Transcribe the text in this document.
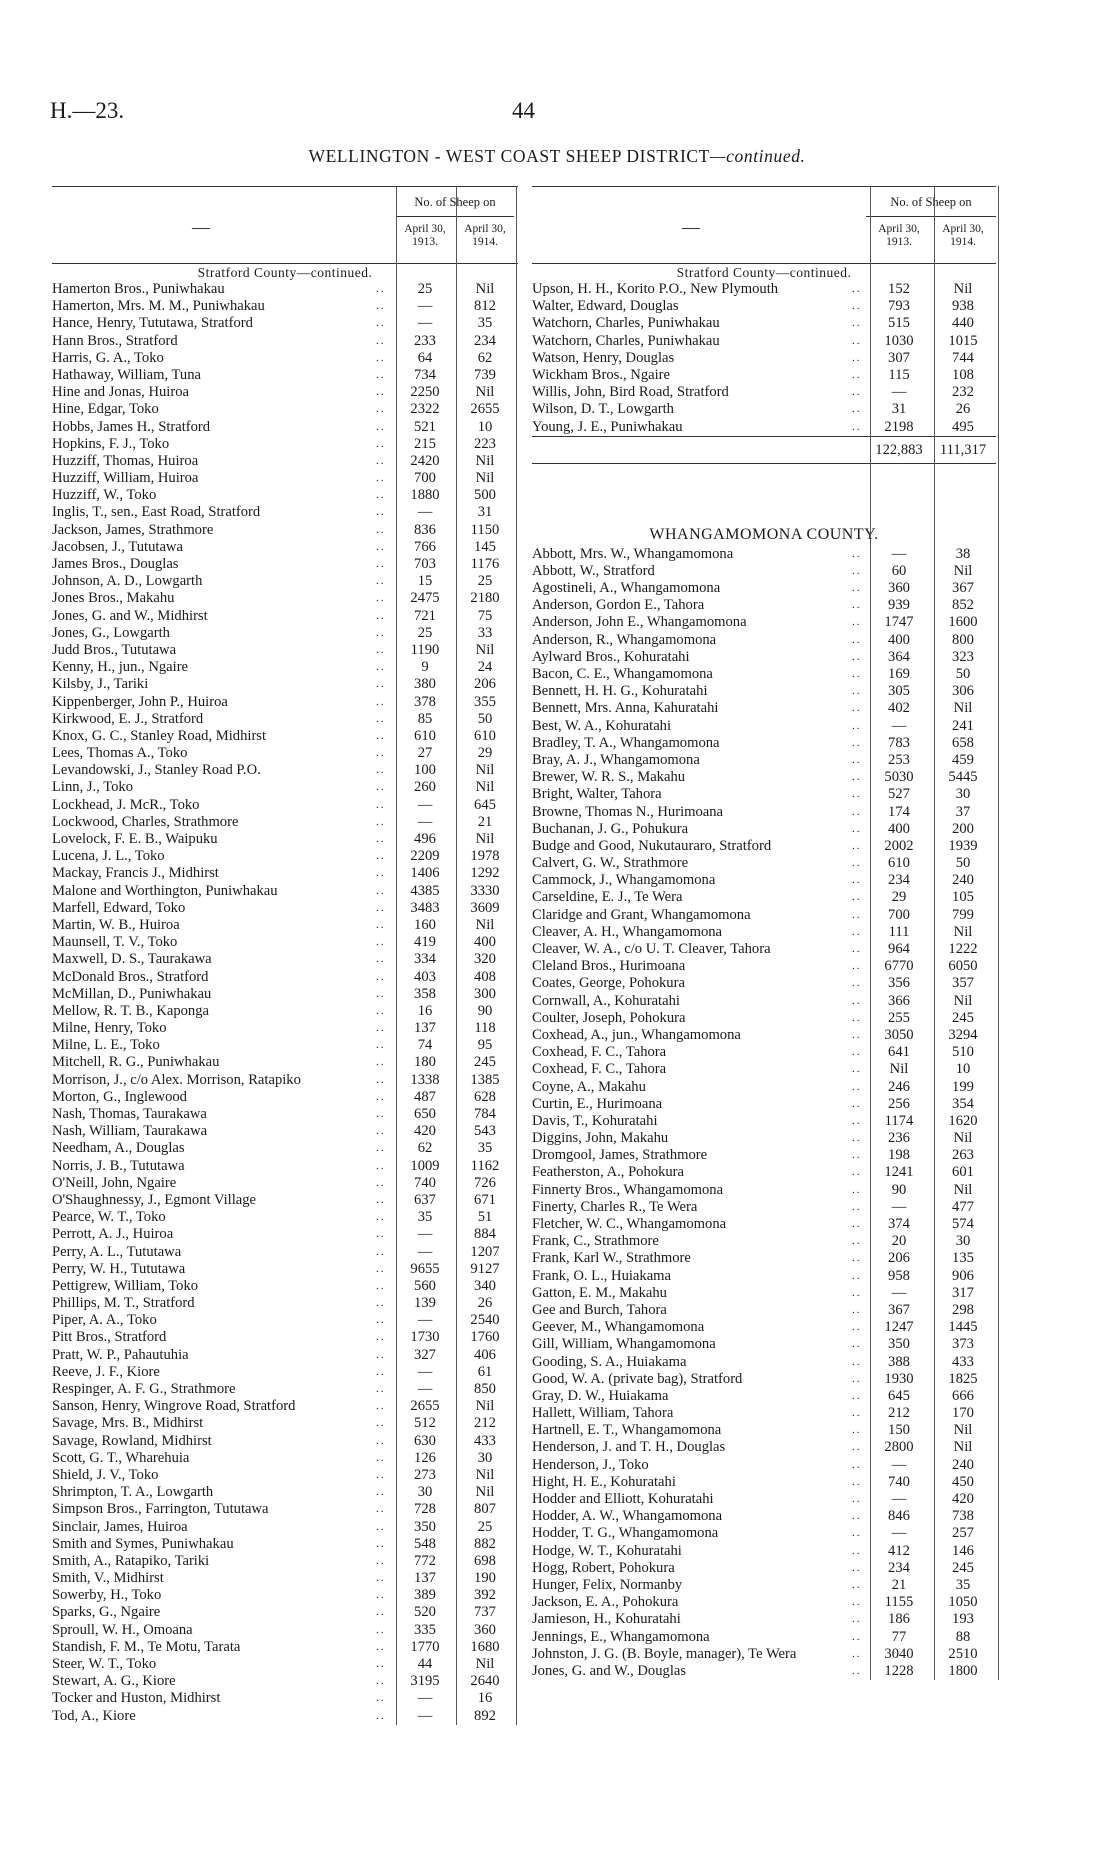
H.—23.	44
WELLINGTON - WEST COAST SHEEP DISTRICT—continued.
—
No. of Sheep on
April 30, 1913.
April 30, 1914.
Stratford County—continued.
Hamerton Bros., Puniwhakau	..	25	Nil
Hamerton, Mrs. M. M., Puniwhakau	..	—	812
Hance, Henry, Tututawa, Stratford	..	—	35
Hann Bros., Stratford	..	233	234
Harris, G. A., Toko	..	64	62
Hathaway, William, Tuna	..	734	739
Hine and Jonas, Huiroa	..	2250	Nil
Hine, Edgar, Toko	..	2322	2655
Hobbs, James H., Stratford	..	521	10
Hopkins, F. J., Toko	..	215	223
Huzziff, Thomas, Huiroa	..	2420	Nil
Huzziff, William, Huiroa	..	700	Nil
Huzziff, W., Toko	..	1880	500
Inglis, T., sen., East Road, Stratford	..	—	31
Jackson, James, Strathmore	..	836	1150
Jacobsen, J., Tututawa	..	766	145
James Bros., Douglas	..	703	1176
Johnson, A. D., Lowgarth	..	15	25
Jones Bros., Makahu	..	2475	2180
Jones, G. and W., Midhirst	..	721	75
Jones, G., Lowgarth	..	25	33
Judd Bros., Tututawa	..	1190	Nil
Kenny, H., jun., Ngaire	..	9	24
Kilsby, J., Tariki	..	380	206
Kippenberger, John P., Huiroa	..	378	355
Kirkwood, E. J., Stratford	..	85	50
Knox, G. C., Stanley Road, Midhirst	..	610	610
Lees, Thomas A., Toko	..	27	29
Levandowski, J., Stanley Road P.O.	..	100	Nil
Linn, J., Toko	..	260	Nil
Lockhead, J. McR., Toko	..	—	645
Lockwood, Charles, Strathmore	..	—	21
Lovelock, F. E. B., Waipuku	..	496	Nil
Lucena, J. L., Toko	..	2209	1978
Mackay, Francis J., Midhirst	..	1406	1292
Malone and Worthington, Puniwhakau	..	4385	3330
Marfell, Edward, Toko	..	3483	3609
Martin, W. B., Huiroa	..	160	Nil
Maunsell, T. V., Toko	..	419	400
Maxwell, D. S., Taurakawa	..	334	320
McDonald Bros., Stratford	..	403	408
McMillan, D., Puniwhakau	..	358	300
Mellow, R. T. B., Kaponga	..	16	90
Milne, Henry, Toko	..	137	118
Milne, L. E., Toko	..	74	95
Mitchell, R. G., Puniwhakau	..	180	245
Morrison, J., c/o Alex. Morrison, Ratapiko	..	1338	1385
Morton, G., Inglewood	..	487	628
Nash, Thomas, Taurakawa	..	650	784
Nash, William, Taurakawa	..	420	543
Needham, A., Douglas	..	62	35
Norris, J. B., Tututawa	..	1009	1162
O'Neill, John, Ngaire	..	740	726
O'Shaughnessy, J., Egmont Village	..	637	671
Pearce, W. T., Toko	..	35	51
Perrott, A. J., Huiroa	..	—	884
Perry, A. L., Tututawa	..	—	1207
Perry, W. H., Tututawa	..	9655	9127
Pettigrew, William, Toko	..	560	340
Phillips, M. T., Stratford	..	139	26
Piper, A. A., Toko	..	—	2540
Pitt Bros., Stratford	..	1730	1760
Pratt, W. P., Pahautuhia	..	327	406
Reeve, J. F., Kiore	..	—	61
Respinger, A. F. G., Strathmore	..	—	850
Sanson, Henry, Wingrove Road, Stratford	..	2655	Nil
Savage, Mrs. B., Midhirst	..	512	212
Savage, Rowland, Midhirst	..	630	433
Scott, G. T., Wharehuia	..	126	30
Shield, J. V., Toko	..	273	Nil
Shrimpton, T. A., Lowgarth	..	30	Nil
Simpson Bros., Farrington, Tututawa	..	728	807
Sinclair, James, Huiroa	..	350	25
Smith and Symes, Puniwhakau	..	548	882
Smith, A., Ratapiko, Tariki	..	772	698
Smith, V., Midhirst	..	137	190
Sowerby, H., Toko	..	389	392
Sparks, G., Ngaire	..	520	737
Sproull, W. H., Omoana	..	335	360
Standish, F. M., Te Motu, Tarata	..	1770	1680
Steer, W. T., Toko	..	44	Nil
Stewart, A. G., Kiore	..	3195	2640
Tocker and Huston, Midhirst	..	—	16
Tod, A., Kiore	..	—	892
—
No. of Sheep on
April 30, 1913.
April 30, 1914.
Stratford County—continued.
Upson, H. H., Korito P.O., New Plymouth	..	152	Nil
Walter, Edward, Douglas	..	793	938
Watchorn, Charles, Puniwhakau	..	515	440
Watchorn, Charles, Puniwhakau	..	1030	1015
Watson, Henry, Douglas	..	307	744
Wickham Bros., Ngaire	..	115	108
Willis, John, Bird Road, Stratford	..	—	232
Wilson, D. T., Lowgarth	..	31	26
Young, J. E., Puniwhakau	..	2198	495
122,883 111,317
WHANGAMOMONA COUNTY.
Abbott, Mrs. W., Whangamomona	..	—	38
Abbott, W., Stratford	..	60	Nil
Agostineli, A., Whangamomona	..	360	367
Anderson, Gordon E., Tahora	..	939	852
Anderson, John E., Whangamomona	..	1747	1600
Anderson, R., Whangamomona	..	400	800
Aylward Bros., Kohuratahi	..	364	323
Bacon, C. E., Whangamomona	..	169	50
Bennett, H. H. G., Kohuratahi	..	305	306
Bennett, Mrs. Anna, Kahuratahi	..	402	Nil
Best, W. A., Kohuratahi	..	—	241
Bradley, T. A., Whangamomona	..	783	658
Bray, A. J., Whangamomona	..	253	459
Brewer, W. R. S., Makahu	..	5030	5445
Bright, Walter, Tahora	..	527	30
Browne, Thomas N., Hurimoana	..	174	37
Buchanan, J. G., Pohukura	..	400	200
Budge and Good, Nukutauraro, Stratford	..	2002	1939
Calvert, G. W., Strathmore	..	610	50
Cammock, J., Whangamomona	..	234	240
Carseldine, E. J., Te Wera	..	29	105
Claridge and Grant, Whangamomona	..	700	799
Cleaver, A. H., Whangamomona	..	111	Nil
Cleaver, W. A., c/o U. T. Cleaver, Tahora	..	964	1222
Cleland Bros., Hurimoana	..	6770	6050
Coates, George, Pohokura	..	356	357
Cornwall, A., Kohuratahi	..	366	Nil
Coulter, Joseph, Pohokura	..	255	245
Coxhead, A., jun., Whangamomona	..	3050	3294
Coxhead, F. C., Tahora	..	641	510
Coxhead, F. C., Tahora	..	Nil	10
Coyne, A., Makahu	..	246	199
Curtin, E., Hurimoana	..	256	354
Davis, T., Kohuratahi	..	1174	1620
Diggins, John, Makahu	..	236	Nil
Dromgool, James, Strathmore	..	198	263
Featherston, A., Pohokura	..	1241	601
Finnerty Bros., Whangamomona	..	90	Nil
Finerty, Charles R., Te Wera	..	—	477
Fletcher, W. C., Whangamomona	..	374	574
Frank, C., Strathmore	..	20	30
Frank, Karl W., Strathmore	..	206	135
Frank, O. L., Huiakama	..	958	906
Gatton, E. M., Makahu	..	—	317
Gee and Burch, Tahora	..	367	298
Geever, M., Whangamomona	..	1247	1445
Gill, William, Whangamomona	..	350	373
Gooding, S. A., Huiakama	..	388	433
Good, W. A. (private bag), Stratford	..	1930	1825
Gray, D. W., Huiakama	..	645	666
Hallett, William, Tahora	..	212	170
Hartnell, E. T., Whangamomona	..	150	Nil
Henderson, J. and T. H., Douglas	..	2800	Nil
Henderson, J., Toko	..	—	240
Hight, H. E., Kohuratahi	..	740	450
Hodder and Elliott, Kohuratahi	..	—	420
Hodder, A. W., Whangamomona	..	846	738
Hodder, T. G., Whangamomona	..	—	257
Hodge, W. T., Kohuratahi	..	412	146
Hogg, Robert, Pohokura	..	234	245
Hunger, Felix, Normanby	..	21	35
Jackson, E. A., Pohokura	..	1155	1050
Jamieson, H., Kohuratahi	..	186	193
Jennings, E., Whangamomona	..	77	88
Johnston, J. G. (B. Boyle, manager), Te Wera	..	3040	2510
Jones, G. and W., Douglas	..	1228	1800
